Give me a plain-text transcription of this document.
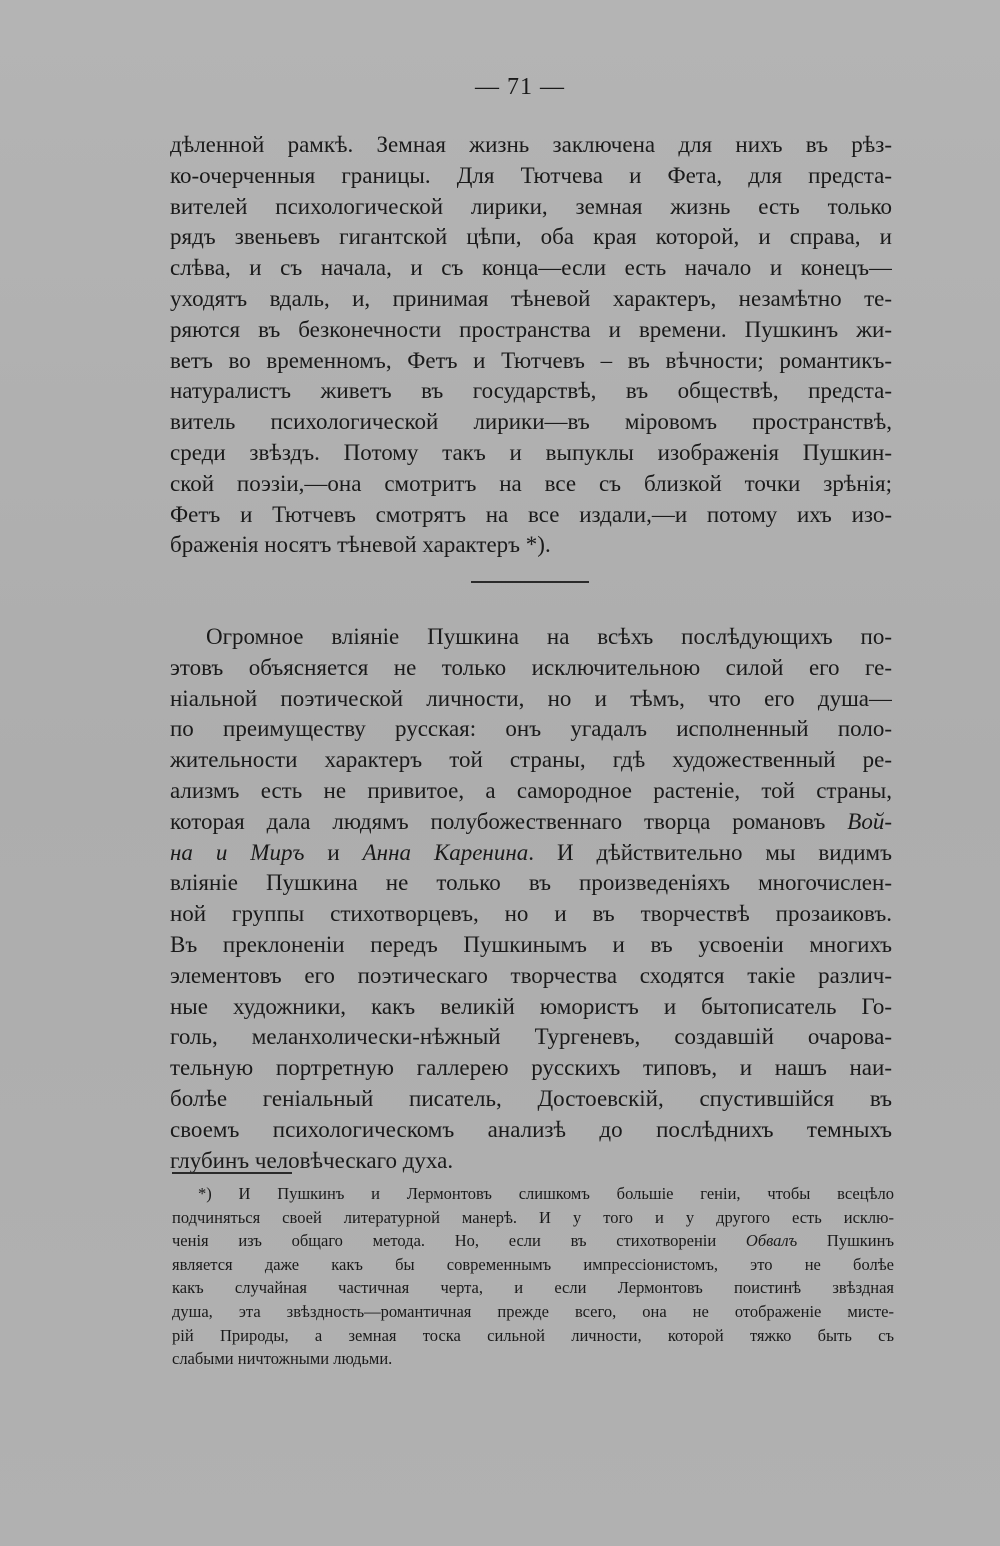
— 71 —
дѣленной рамкѣ. Земная жизнь заключена для нихъ въ рѣз-
ко-очерченныя границы. Для Тютчева и Фета, для предста-
вителей психологической лирики, земная жизнь есть только
рядъ звеньевъ гигантской цѣпи, оба края которой, и справа, и
слѣва, и съ начала, и съ конца—если есть начало и конецъ—
уходятъ вдаль, и, принимая тѣневой характеръ, незамѣтно те-
ряются въ безконечности пространства и времени. Пушкинъ жи-
ветъ во временномъ, Фетъ и Тютчевъ – въ вѣчности; романтикъ-
натуралистъ живетъ въ государствѣ, въ обществѣ, предста-
витель психологической лирики—въ мiровомъ пространствѣ,
среди звѣздъ. Потому такъ и выпуклы изображенiя Пушкин-
ской поэзiи,—она смотритъ на все съ близкой точки зрѣнiя;
Фетъ и Тютчевъ смотрятъ на все издали,—и потому ихъ изо-
браженiя носятъ тѣневой характеръ *).
Огромное влiянiе Пушкина на всѣхъ послѣдующихъ по-
этовъ объясняется не только исключительною силой его ге-
нiальной поэтической личности, но и тѣмъ, что его душа—
по преимуществу русская: онъ угадалъ исполненный поло-
жительности характеръ той страны, гдѣ художественный ре-
ализмъ есть не привитое, а самородное растенiе, той страны,
которая дала людямъ полубожественнаго творца романовъ Вой-
на и Миръ и Анна Каренина. И дѣйствительно мы видимъ
влiянiе Пушкина не только въ произведенiяхъ многочислен-
ной группы стихотворцевъ, но и въ творчествѣ прозаиковъ.
Въ преклоненiи передъ Пушкинымъ и въ усвоенiи многихъ
элементовъ его поэтическаго творчества сходятся такiе различ-
ные художники, какъ великiй юмористъ и бытописатель Го-
голь, меланхолически-нѣжный Тургеневъ, создавшiй очарова-
тельную портретную галлерею русскихъ типовъ, и нашъ наи-
болѣе генiальный писатель, Достоевскiй, спустившiйся въ
своемъ психологическомъ анализѣ до послѣднихъ темныхъ
глубинъ человѣческаго духа.
*) И Пушкинъ и Лермонтовъ слишкомъ большiе генiи, чтобы всецѣло
подчиняться своей литературной манерѣ. И у того и у другого есть исклю-
ченiя изъ общаго метода. Но, если въ стихотворенiи Обвалъ Пушкинъ
является даже какъ бы современнымъ импрессiонистомъ, это не болѣе
какъ случайная частичная черта, и если Лермонтовъ поистинѣ звѣздная
душа, эта звѣздность—романтичная прежде всего, она не отображенiе мисте-
рiй Природы, а земная тоска сильной личности, которой тяжко быть съ
слабыми ничтожными людьми.
